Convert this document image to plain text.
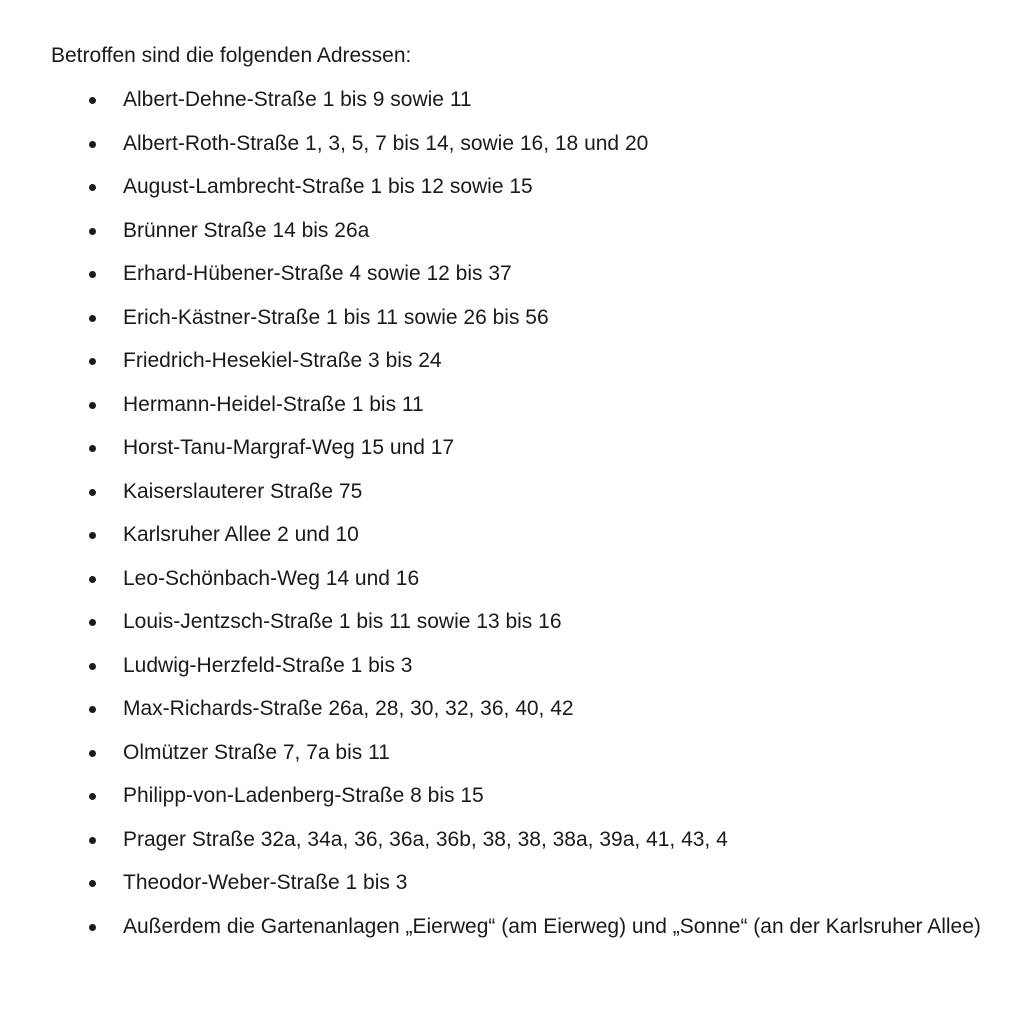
Betroffen sind die folgenden Adressen:

Albert-Dehne-Straße 1 bis 9 sowie 11
Albert-Roth-Straße 1, 3, 5, 7 bis 14, sowie 16, 18 und 20
August-Lambrecht-Straße 1 bis 12 sowie 15
Brünner Straße 14 bis 26a
Erhard-Hübener-Straße 4 sowie 12 bis 37
Erich-Kästner-Straße 1 bis 11 sowie 26 bis 56
Friedrich-Hesekiel-Straße 3 bis 24
Hermann-Heidel-Straße 1 bis 11
Horst-Tanu-Margraf-Weg 15 und 17
Kaiserslauterer Straße 75
Karlsruher Allee 2 und 10
Leo-Schönbach-Weg 14 und 16
Louis-Jentzsch-Straße 1 bis 11 sowie 13 bis 16
Ludwig-Herzfeld-Straße 1 bis 3
Max-Richards-Straße 26a, 28, 30, 32, 36, 40, 42
Olmützer Straße 7, 7a bis 11
Philipp-von-Ladenberg-Straße 8 bis 15
Prager Straße 32a, 34a, 36, 36a, 36b, 38, 38, 38a, 39a, 41, 43, 4
Theodor-Weber-Straße 1 bis 3
Außerdem die Gartenanlagen „Eierweg“ (am Eierweg) und „Sonne“ (an der Karlsruher Allee)
